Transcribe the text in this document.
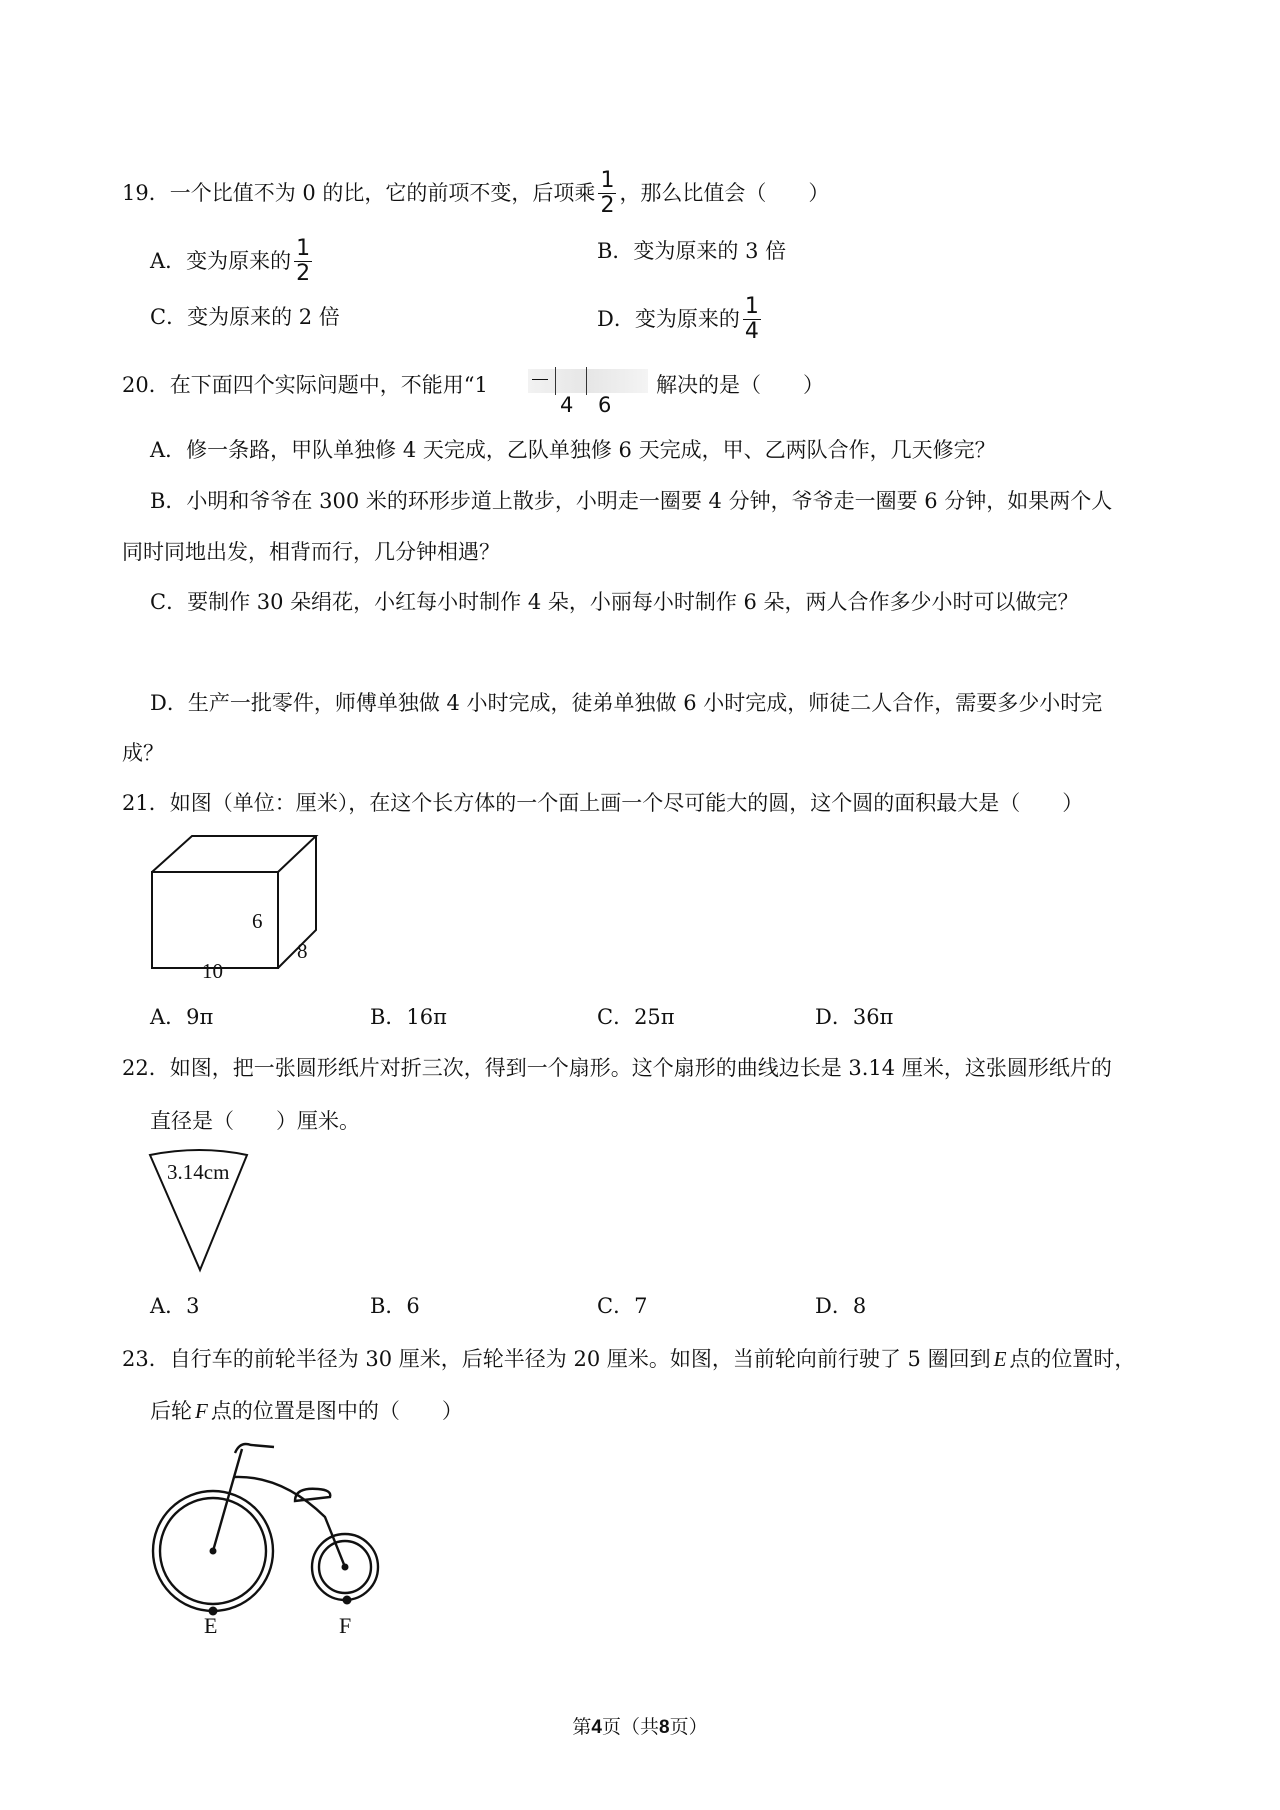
19．一个比值不为 0 的比，它的前项不变，后项乘 $\frac{1}{2}$ ，那么比值会（　　）
A．变为原来的 $\frac{1}{2}$	B．变为原来的 3 倍
C．变为原来的 2 倍	D．变为原来的 $\frac{1}{4}$
20．在下面四个实际问题中，不能用“1
4 6
解决的是（　　）
A．修一条路，甲队单独修 4 天完成，乙队单独修 6 天完成，甲、乙两队合作，几天修完？
B．小明和爷爷在 300 米的环形步道上散步，小明走一圈要 4 分钟，爷爷走一圈要 6 分钟，如果两个人
同时同地出发，相背而行，几分钟相遇？
C．要制作 30 朵绢花，小红每小时制作 4 朵，小丽每小时制作 6 朵，两人合作多少小时可以做完？
D．生产一批零件，师傅单独做 4 小时完成，徒弟单独做 6 小时完成，师徒二人合作，需要多少小时完
成？
21．如图（单位：厘米），在这个长方体的一个面上画一个尽可能大的圆，这个圆的面积最大是（　　）
6
10
8
A．9π	B．16π	C．25π	D．36π
22．如图，把一张圆形纸片对折三次，得到一个扇形。这个扇形的曲线边长是 3.14 厘米，这张圆形纸片的
直径是（　　）厘米。
3.14cm
A．3	B．6	C．7	D．8
23．自行车的前轮半径为 30 厘米，后轮半径为 20 厘米。如图，当前轮向前行驶了 5 圈回到 E 点的位置时，
后轮 F 点的位置是图中的（　　）
E	F
第4页（共8页）
